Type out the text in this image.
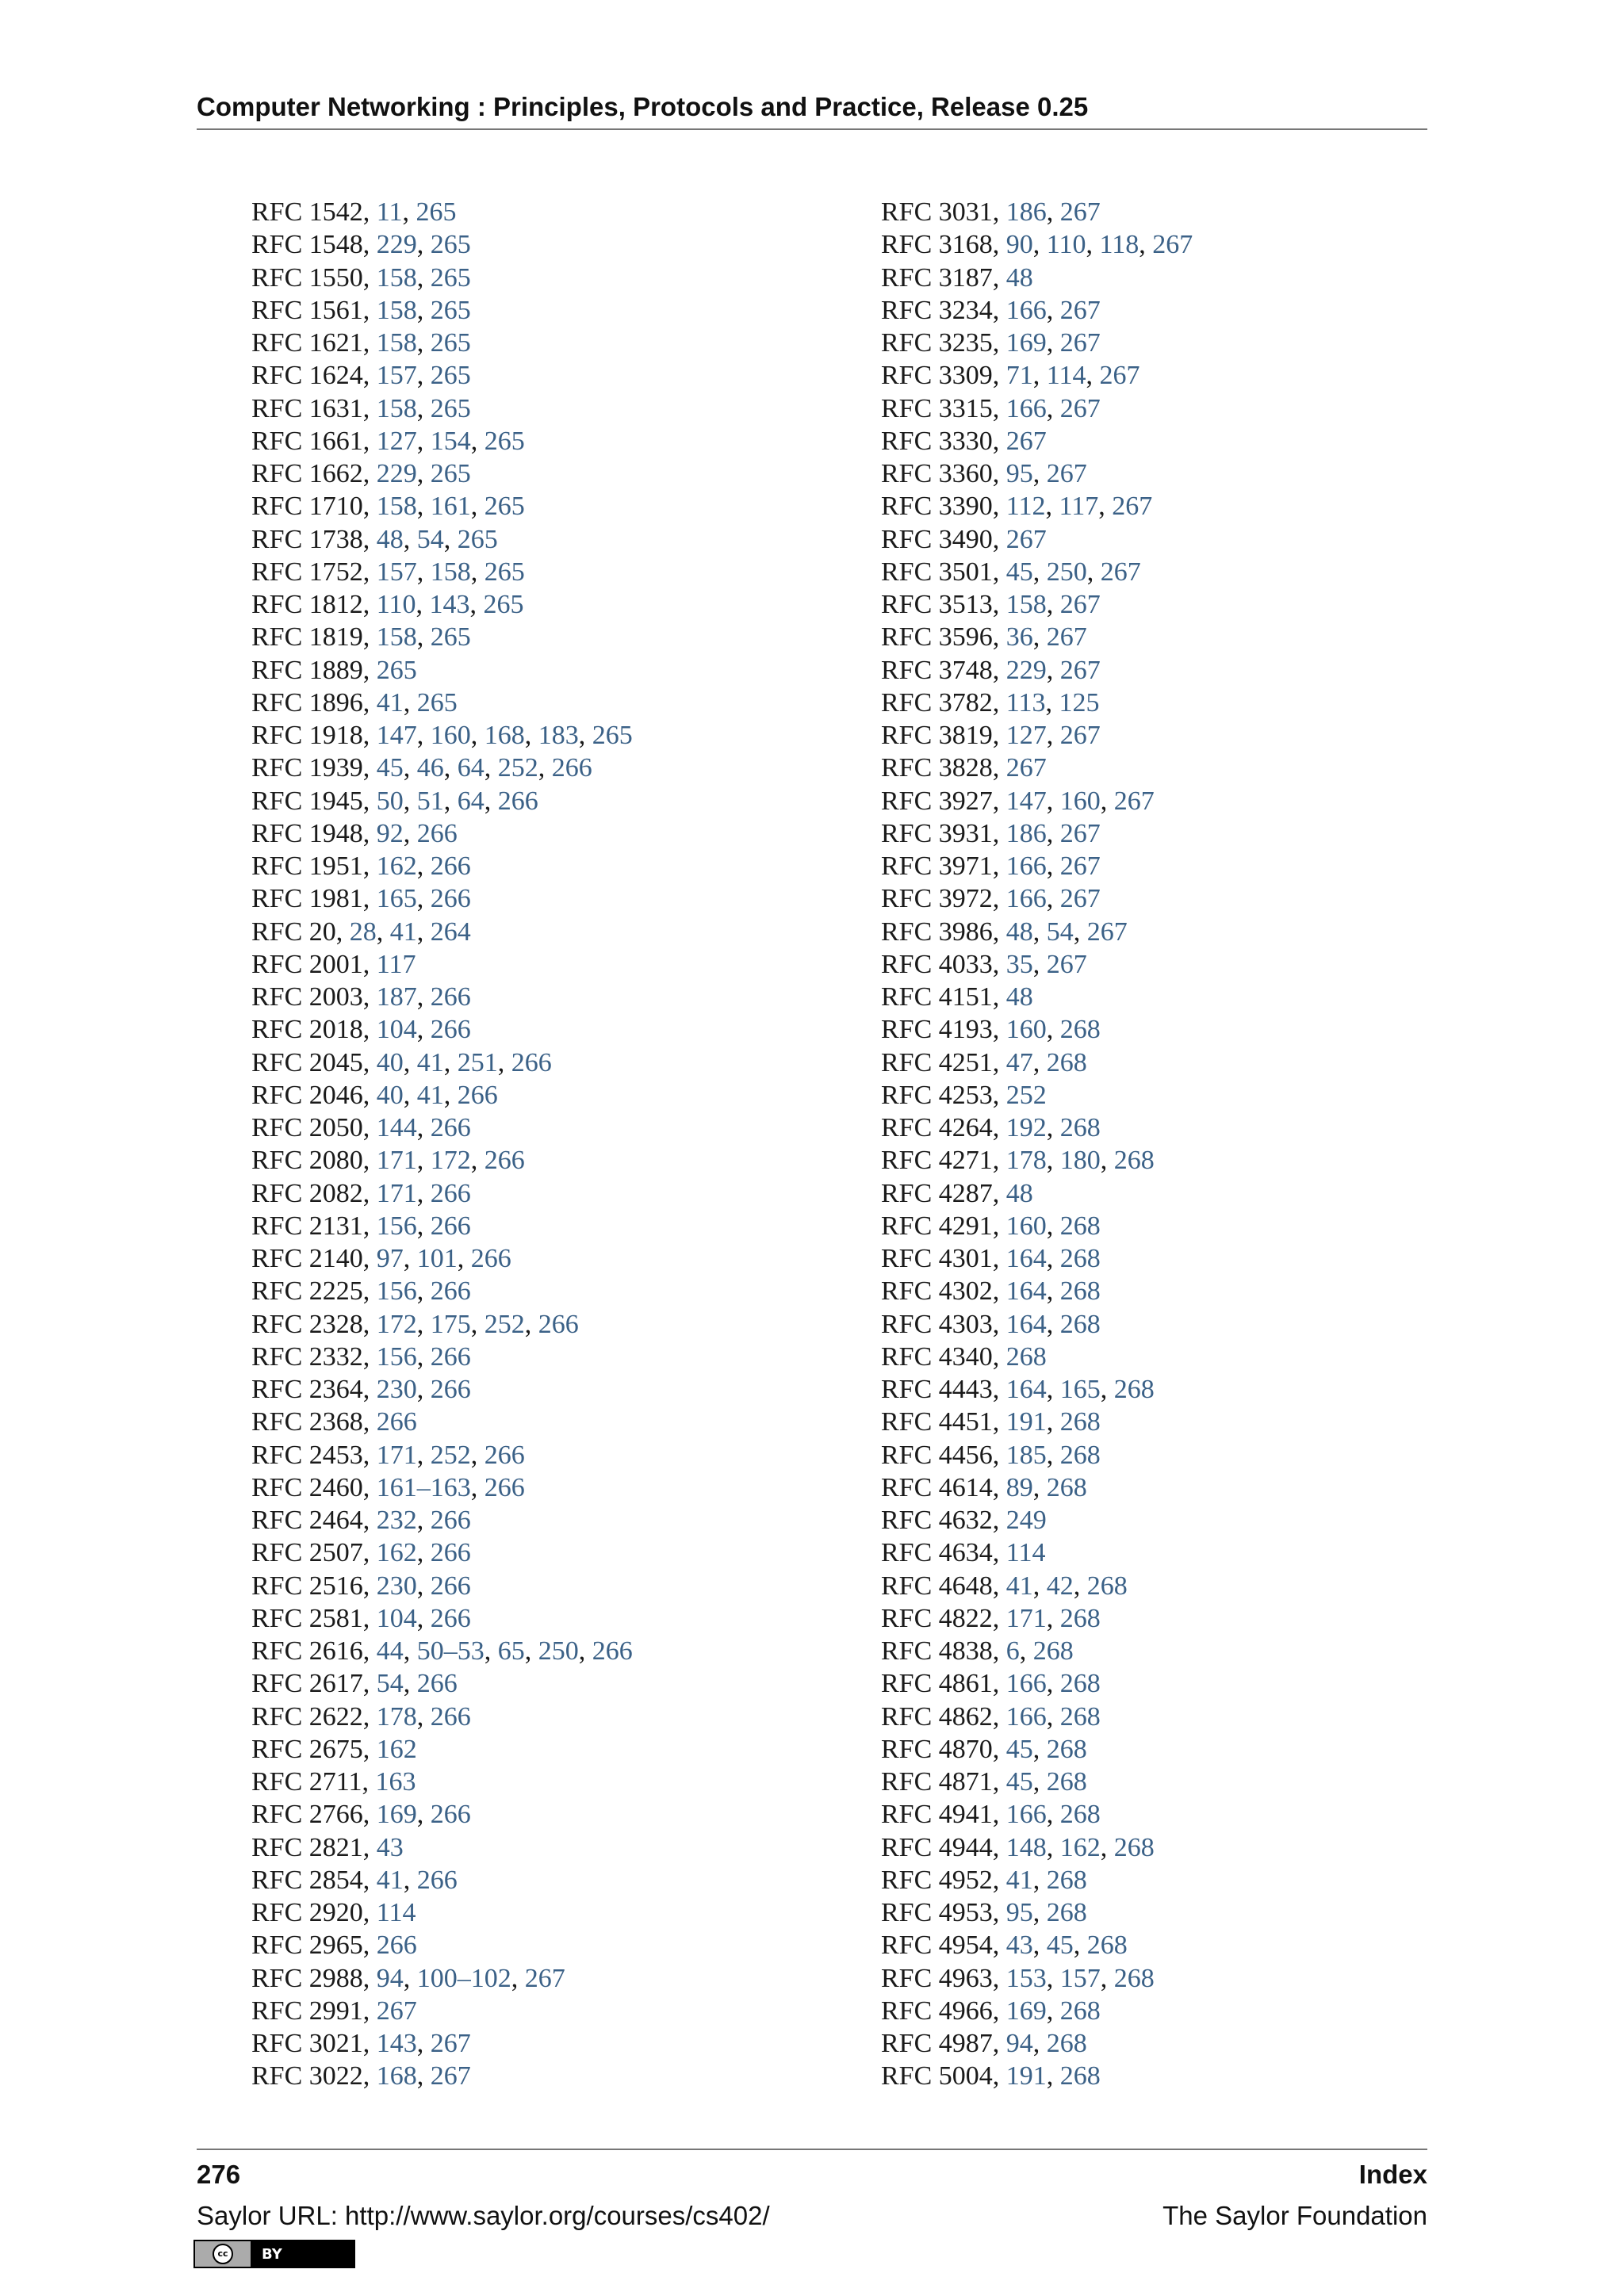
Computer Networking : Principles, Protocols and Practice, Release 0.25
RFC 1542, 11, 265
RFC 1548, 229, 265
RFC 1550, 158, 265
RFC 1561, 158, 265
RFC 1621, 158, 265
RFC 1624, 157, 265
RFC 1631, 158, 265
RFC 1661, 127, 154, 265
RFC 1662, 229, 265
RFC 1710, 158, 161, 265
RFC 1738, 48, 54, 265
RFC 1752, 157, 158, 265
RFC 1812, 110, 143, 265
RFC 1819, 158, 265
RFC 1889, 265
RFC 1896, 41, 265
RFC 1918, 147, 160, 168, 183, 265
RFC 1939, 45, 46, 64, 252, 266
RFC 1945, 50, 51, 64, 266
RFC 1948, 92, 266
RFC 1951, 162, 266
RFC 1981, 165, 266
RFC 20, 28, 41, 264
RFC 2001, 117
RFC 2003, 187, 266
RFC 2018, 104, 266
RFC 2045, 40, 41, 251, 266
RFC 2046, 40, 41, 266
RFC 2050, 144, 266
RFC 2080, 171, 172, 266
RFC 2082, 171, 266
RFC 2131, 156, 266
RFC 2140, 97, 101, 266
RFC 2225, 156, 266
RFC 2328, 172, 175, 252, 266
RFC 2332, 156, 266
RFC 2364, 230, 266
RFC 2368, 266
RFC 2453, 171, 252, 266
RFC 2460, 161–163, 266
RFC 2464, 232, 266
RFC 2507, 162, 266
RFC 2516, 230, 266
RFC 2581, 104, 266
RFC 2616, 44, 50–53, 65, 250, 266
RFC 2617, 54, 266
RFC 2622, 178, 266
RFC 2675, 162
RFC 2711, 163
RFC 2766, 169, 266
RFC 2821, 43
RFC 2854, 41, 266
RFC 2920, 114
RFC 2965, 266
RFC 2988, 94, 100–102, 267
RFC 2991, 267
RFC 3021, 143, 267
RFC 3022, 168, 267
RFC 3031, 186, 267
RFC 3168, 90, 110, 118, 267
RFC 3187, 48
RFC 3234, 166, 267
RFC 3235, 169, 267
RFC 3309, 71, 114, 267
RFC 3315, 166, 267
RFC 3330, 267
RFC 3360, 95, 267
RFC 3390, 112, 117, 267
RFC 3490, 267
RFC 3501, 45, 250, 267
RFC 3513, 158, 267
RFC 3596, 36, 267
RFC 3748, 229, 267
RFC 3782, 113, 125
RFC 3819, 127, 267
RFC 3828, 267
RFC 3927, 147, 160, 267
RFC 3931, 186, 267
RFC 3971, 166, 267
RFC 3972, 166, 267
RFC 3986, 48, 54, 267
RFC 4033, 35, 267
RFC 4151, 48
RFC 4193, 160, 268
RFC 4251, 47, 268
RFC 4253, 252
RFC 4264, 192, 268
RFC 4271, 178, 180, 268
RFC 4287, 48
RFC 4291, 160, 268
RFC 4301, 164, 268
RFC 4302, 164, 268
RFC 4303, 164, 268
RFC 4340, 268
RFC 4443, 164, 165, 268
RFC 4451, 191, 268
RFC 4456, 185, 268
RFC 4614, 89, 268
RFC 4632, 249
RFC 4634, 114
RFC 4648, 41, 42, 268
RFC 4822, 171, 268
RFC 4838, 6, 268
RFC 4861, 166, 268
RFC 4862, 166, 268
RFC 4870, 45, 268
RFC 4871, 45, 268
RFC 4941, 166, 268
RFC 4944, 148, 162, 268
RFC 4952, 41, 268
RFC 4953, 95, 268
RFC 4954, 43, 45, 268
RFC 4963, 153, 157, 268
RFC 4966, 169, 268
RFC 4987, 94, 268
RFC 5004, 191, 268
276	Index
Saylor URL: http://www.saylor.org/courses/cs402/	The Saylor Foundation
cc	BY
